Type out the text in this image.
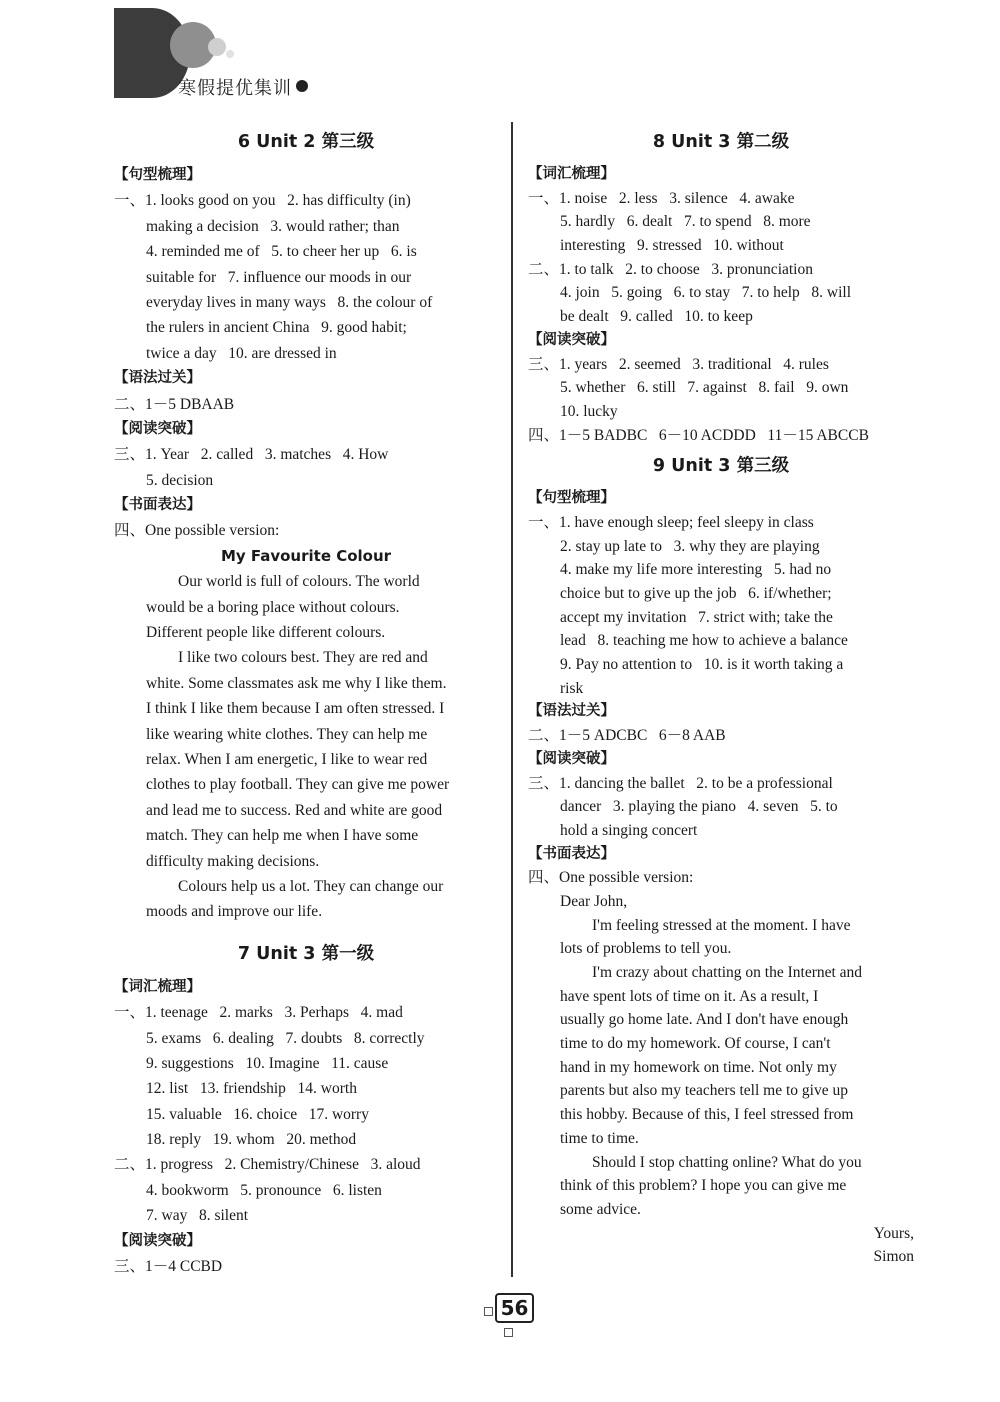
寒假提优集训
6 Unit 2 第三级
【句型梳理】
一、1. looks good on you   2. has difficulty (in)
making a decision   3. would rather; than
4. reminded me of   5. to cheer her up   6. is
suitable for   7. influence our moods in our
everyday lives in many ways   8. the colour of
the rulers in ancient China   9. good habit;
twice a day   10. are dressed in
【语法过关】
二、1－5 DBAAB
【阅读突破】
三、1. Year   2. called   3. matches   4. How
5. decision
【书面表达】
四、One possible version:
My Favourite Colour
Our world is full of colours. The world
would be a boring place without colours.
Different people like different colours.
I like two colours best. They are red and
white. Some classmates ask me why I like them.
I think I like them because I am often stressed. I
like wearing white clothes. They can help me
relax. When I am energetic, I like to wear red
clothes to play football. They can give me power
and lead me to success. Red and white are good
match. They can help me when I have some
difficulty making decisions.
Colours help us a lot. They can change our
moods and improve our life.
7 Unit 3 第一级
【词汇梳理】
一、1. teenage   2. marks   3. Perhaps   4. mad
5. exams   6. dealing   7. doubts   8. correctly
9. suggestions   10. Imagine   11. cause
12. list   13. friendship   14. worth
15. valuable   16. choice   17. worry
18. reply   19. whom   20. method
二、1. progress   2. Chemistry/Chinese   3. aloud
4. bookworm   5. pronounce   6. listen
7. way   8. silent
【阅读突破】
三、1－4 CCBD
8 Unit 3 第二级
【词汇梳理】
一、1. noise   2. less   3. silence   4. awake
5. hardly   6. dealt   7. to spend   8. more
interesting   9. stressed   10. without
二、1. to talk   2. to choose   3. pronunciation
4. join   5. going   6. to stay   7. to help   8. will
be dealt   9. called   10. to keep
【阅读突破】
三、1. years   2. seemed   3. traditional   4. rules
5. whether   6. still   7. against   8. fail   9. own
10. lucky
四、1－5 BADBC   6－10 ACDDD   11－15 ABCCB
9 Unit 3 第三级
【句型梳理】
一、1. have enough sleep; feel sleepy in class
2. stay up late to   3. why they are playing
4. make my life more interesting   5. had no
choice but to give up the job   6. if/whether;
accept my invitation   7. strict with; take the
lead   8. teaching me how to achieve a balance
9. Pay no attention to   10. is it worth taking a
risk
【语法过关】
二、1－5 ADCBC   6－8 AAB
【阅读突破】
三、1. dancing the ballet   2. to be a professional
dancer   3. playing the piano   4. seven   5. to
hold a singing concert
【书面表达】
四、One possible version:
Dear John,
I'm feeling stressed at the moment. I have
lots of problems to tell you.
I'm crazy about chatting on the Internet and
have spent lots of time on it. As a result, I
usually go home late. And I don't have enough
time to do my homework. Of course, I can't
hand in my homework on time. Not only my
parents but also my teachers tell me to give up
this hobby. Because of this, I feel stressed from
time to time.
Should I stop chatting online? What do you
think of this problem? I hope you can give me
some advice.
Yours,
Simon
56
